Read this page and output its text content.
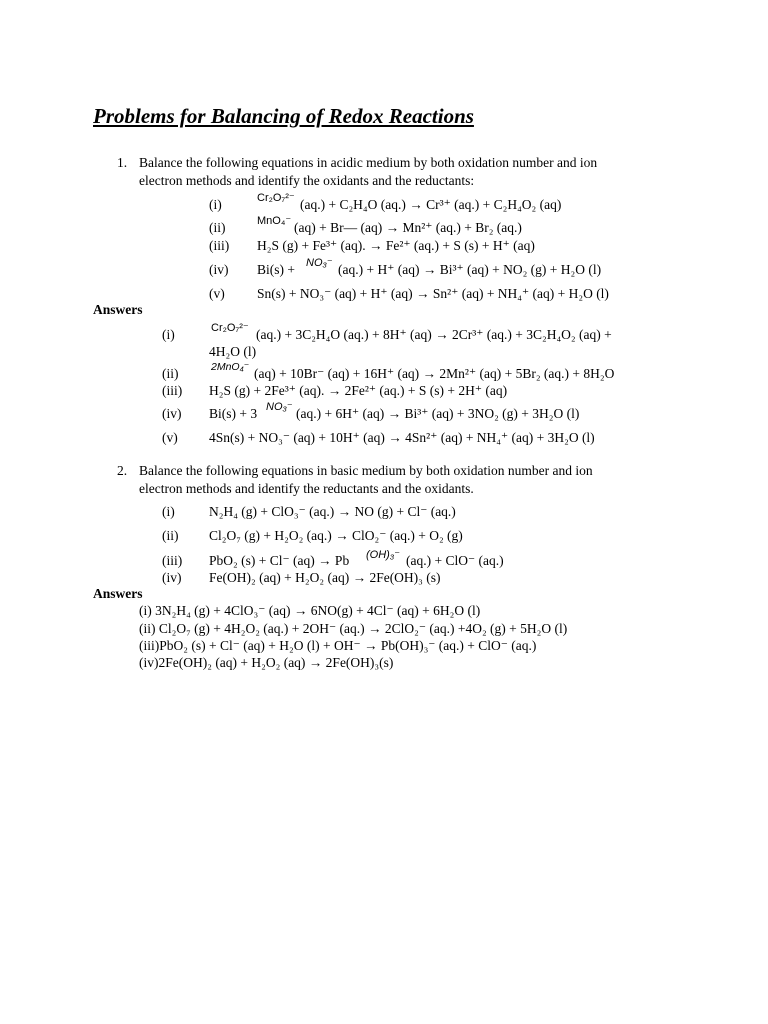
Problems for Balancing of Redox Reactions
1. Balance the following equations in acidic medium by both oxidation number and ion
electron methods and identify the oxidants and the reductants:
(i)	Cr₂O₇²⁻ (aq.) + C₂H₄O (aq.) → Cr³⁺ (aq.) + C₂H₄O₂ (aq)
(ii)	MnO₄⁻ (aq) + Br— (aq) → Mn²⁺ (aq.) + Br₂ (aq.)
(iii) H₂S (g) + Fe³⁺ (aq). → Fe²⁺ (aq.) + S (s) + H⁺ (aq)
(iv) Bi(s) + NO₃⁻ (aq.) + H⁺ (aq) → Bi³⁺ (aq) + NO₂ (g) + H₂O (l)
(v) Sn(s) + NO₃⁻ (aq) + H⁺ (aq) → Sn²⁺ (aq) + NH₄⁺ (aq) + H₂O (l)
Answers
(i)	Cr₂O₇²⁻ (aq.) + 3C₂H₄O (aq.) + 8H⁺ (aq) → 2Cr³⁺ (aq.) + 3C₂H₄O₂ (aq) +
4H₂O (l)
(ii)	2MnO₄⁻ (aq) + 10Br⁻ (aq) + 16H⁺ (aq) → 2Mn²⁺ (aq) + 5Br₂ (aq.) + 8H₂O
(iii) H₂S (g) + 2Fe³⁺ (aq). → 2Fe²⁺ (aq.) + S (s) + 2H⁺ (aq)
(iv) Bi(s) + 3 NO₃⁻ (aq.) + 6H⁺ (aq) → Bi³⁺ (aq) + 3NO₂ (g) + 3H₂O (l)
(v) 4Sn(s) + NO₃⁻ (aq) + 10H⁺ (aq) → 4Sn²⁺ (aq) + NH₄⁺ (aq) + 3H₂O (l)
2. Balance the following equations in basic medium by both oxidation number and ion
electron methods and identify the reductants and the oxidants.
(i)	N₂H₄ (g) + ClO₃⁻ (aq.) → NO (g) + Cl⁻ (aq.)
(ii) Cl₂O₇ (g) + H₂O₂ (aq.) → ClO₂⁻ (aq.) + O₂ (g)
(iii) PbO₂ (s) + Cl⁻ (aq) → Pb (OH)₃⁻ (aq.) + ClO⁻ (aq.)
(iv) Fe(OH)₂ (aq) + H₂O₂ (aq) → 2Fe(OH)₃ (s)
Answers
(i) 3N₂H₄ (g) + 4ClO₃⁻ (aq) → 6NO(g) + 4Cl⁻ (aq) + 6H₂O (l)
(ii) Cl₂O₇ (g) + 4H₂O₂ (aq.) + 2OH⁻ (aq.) → 2ClO₂⁻ (aq.) +4O₂ (g) + 5H₂O (l)
(iii)PbO₂ (s) + Cl⁻ (aq) + H₂O (l) + OH⁻ → Pb(OH)₃⁻ (aq.) + ClO⁻ (aq.)
(iv)2Fe(OH)₂ (aq) + H₂O₂ (aq) → 2Fe(OH)₃(s)
